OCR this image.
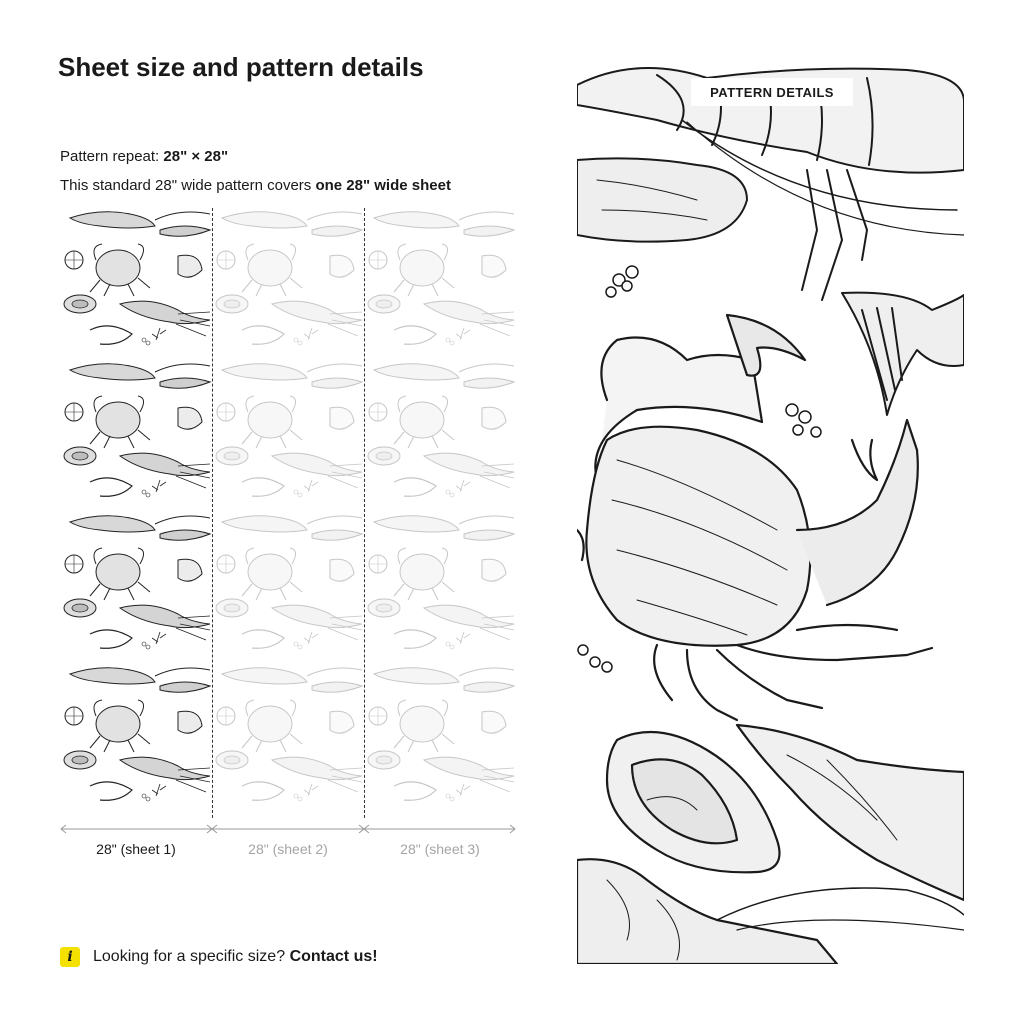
Sheet size and pattern details
Pattern repeat: 28" × 28"
This standard 28" wide pattern covers one 28" wide sheet
28" (sheet 1)	28" (sheet 2)	28" (sheet 3)
PATTERN DETAILS
i	Looking for a specific size?
Contact us!
